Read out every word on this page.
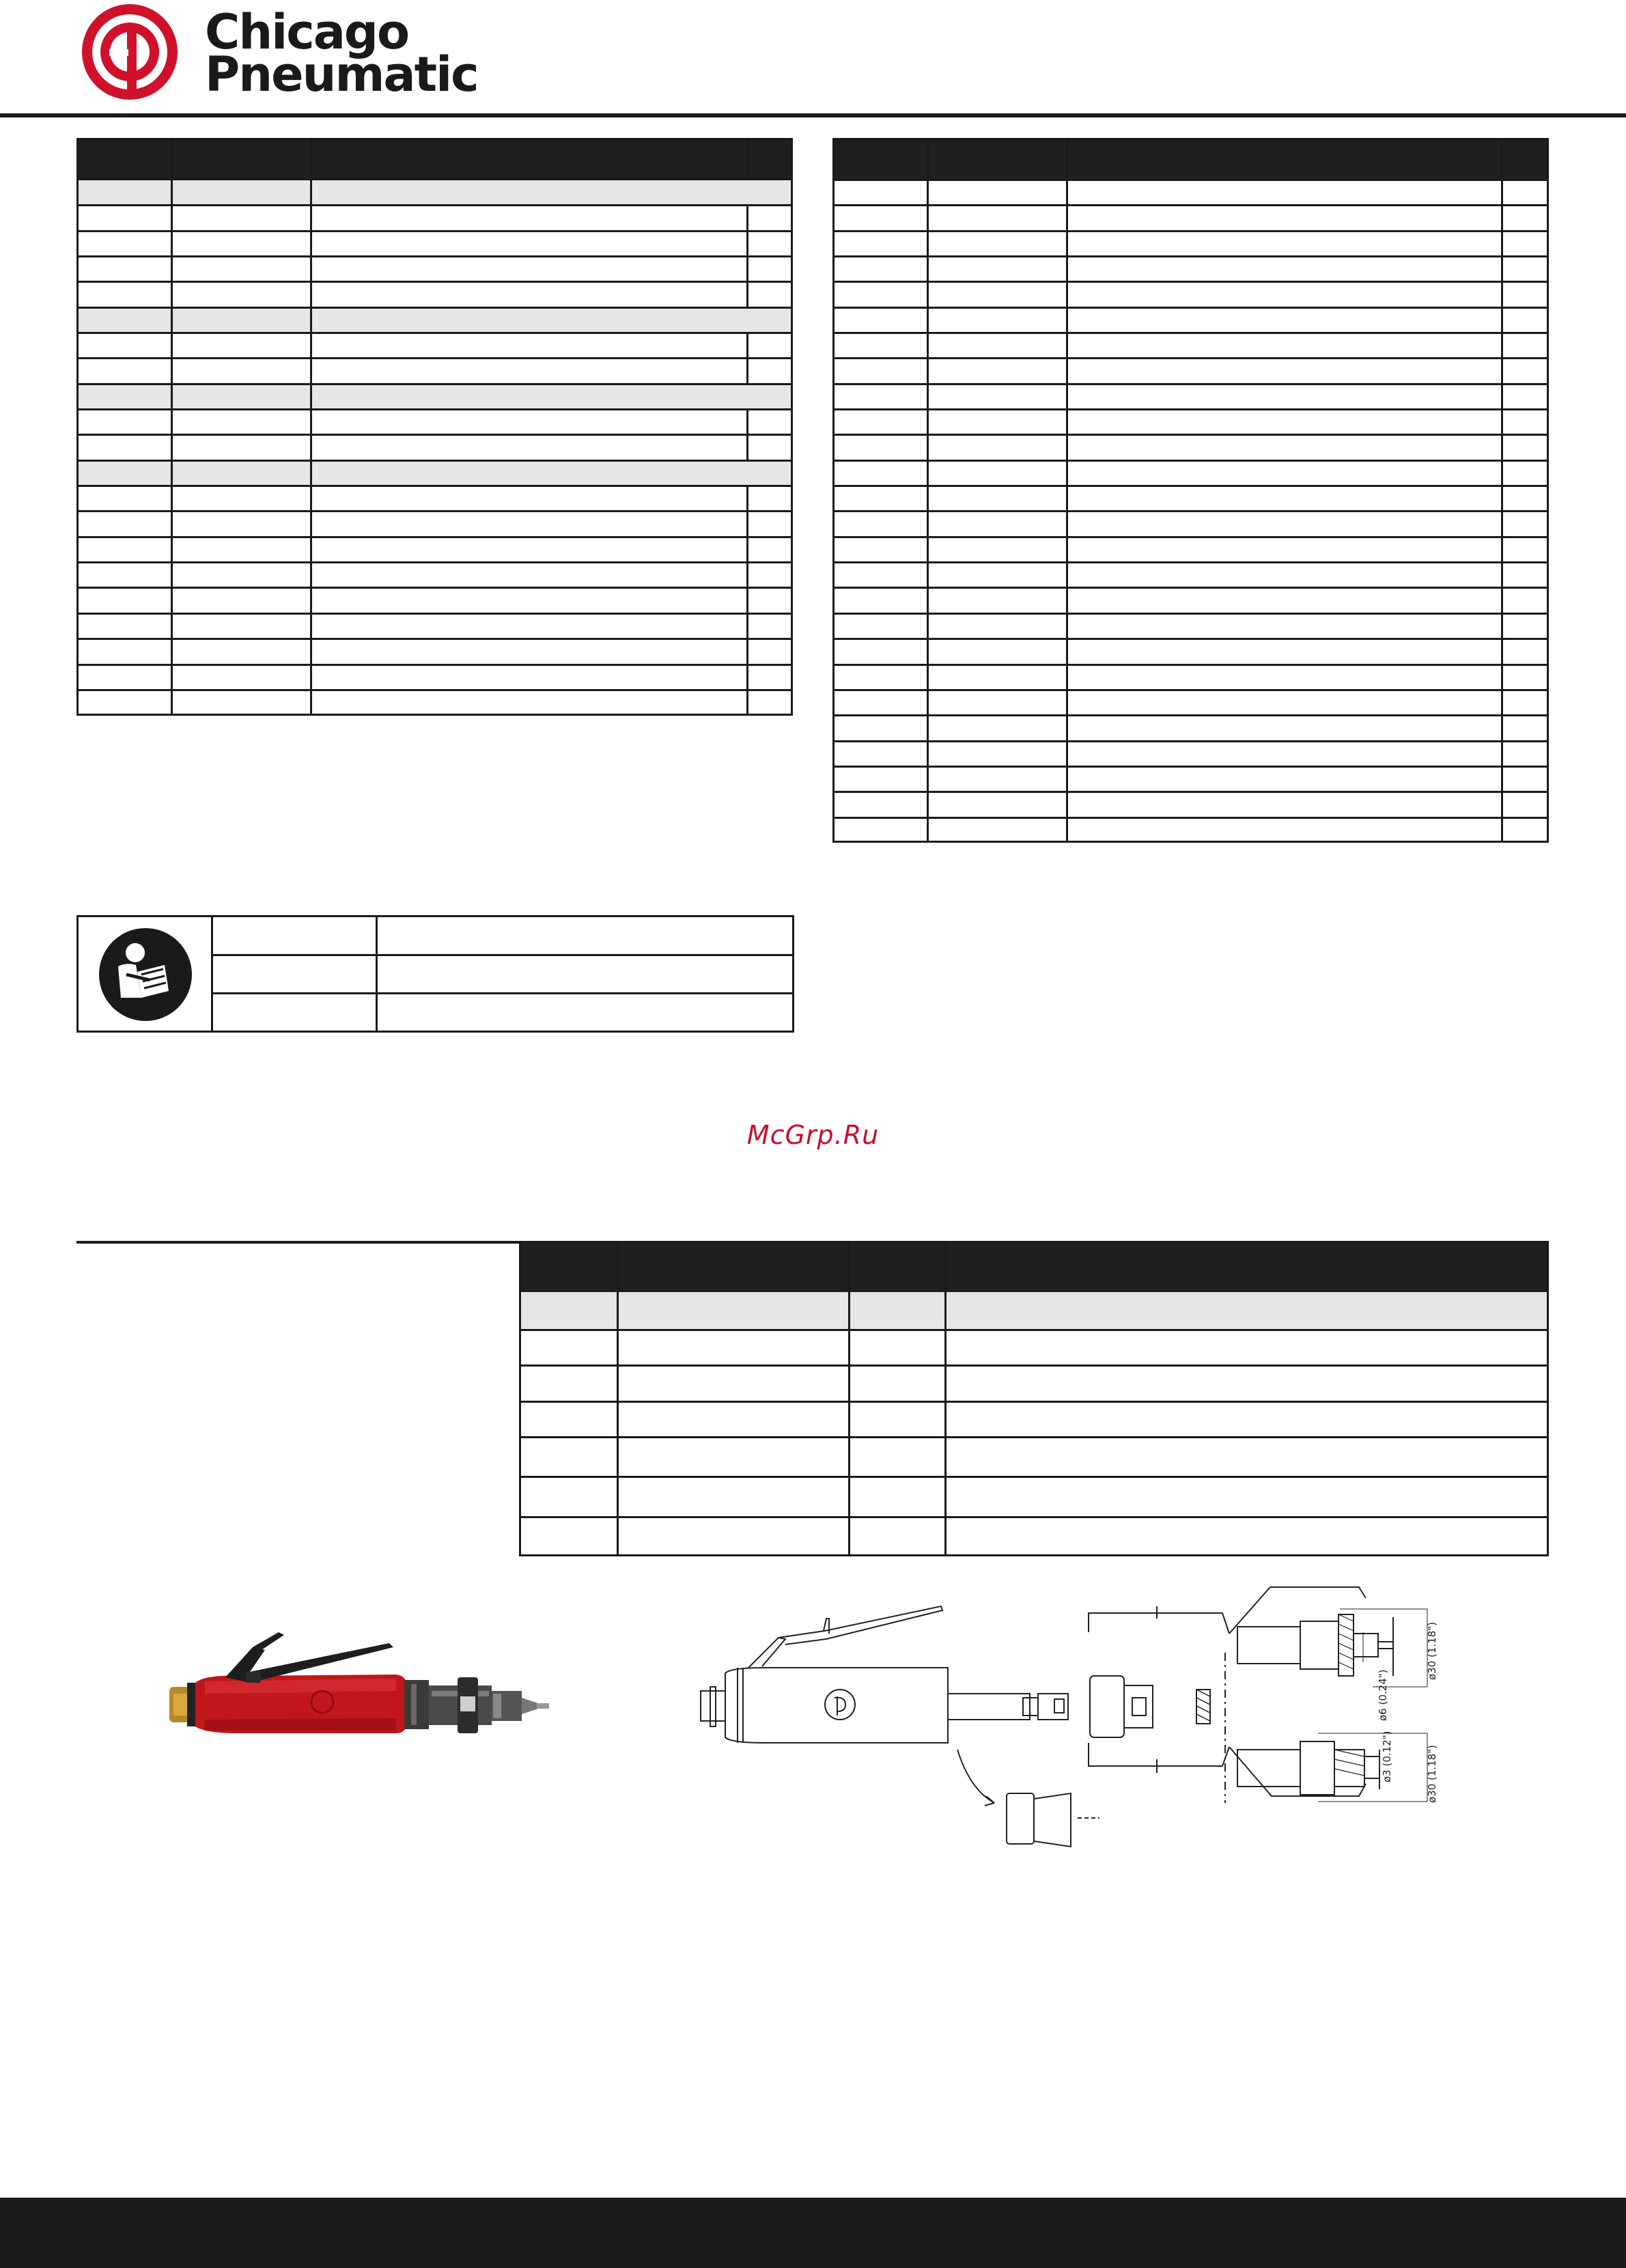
Chicago
Pneumatic
McGrp.Ru
ø30 (1.18")
ø6 (0.24")
ø3 (0.12")	ø30 (1.18")
